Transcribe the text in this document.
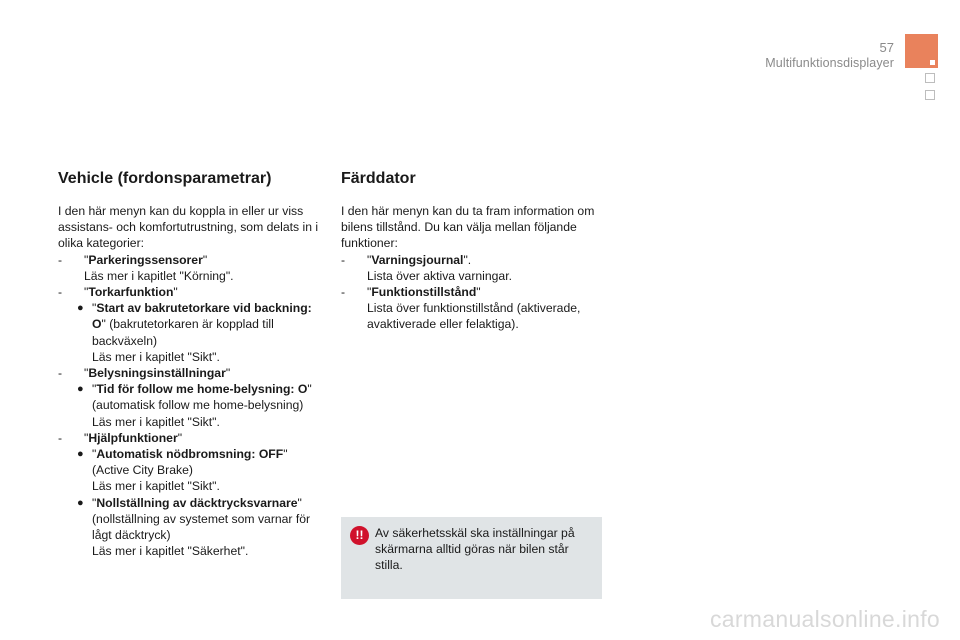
57
Multifunktionsdisplayer
Vehicle (fordonsparametrar)

I den här menyn kan du koppla in eller ur viss assistans- och komfortutrustning, som delats in i olika kategorier:

- "Parkeringssensorer"
Läs mer i kapitlet "Körning".
- "Torkarfunktion"
● "Start av bakrutetorkare vid backning: O" (bakrutetorkaren är kopplad till backväxeln)
Läs mer i kapitlet "Sikt".
- "Belysningsinställningar"
● "Tid för follow me home-belysning: O"
(automatisk follow me home-belysning)
Läs mer i kapitlet "Sikt".
- "Hjälpfunktioner"
● "Automatisk nödbromsning: OFF"
(Active City Brake)
Läs mer i kapitlet "Sikt".
● "Nollställning av däcktrycksvarnare"
(nollställning av systemet som varnar för lågt däcktryck)
Läs mer i kapitlet "Säkerhet".
Färddator

I den här menyn kan du ta fram information om bilens tillstånd. Du kan välja mellan följande funktioner:

- "Varningsjournal".
Lista över aktiva varningar.
- "Funktionstillstånd"
Lista över funktionstillstånd (aktiverade, avaktiverade eller felaktiga).
!! Av säkerhetsskäl ska inställningar på skärmarna alltid göras när bilen står stilla.
carmanualsonline.info
